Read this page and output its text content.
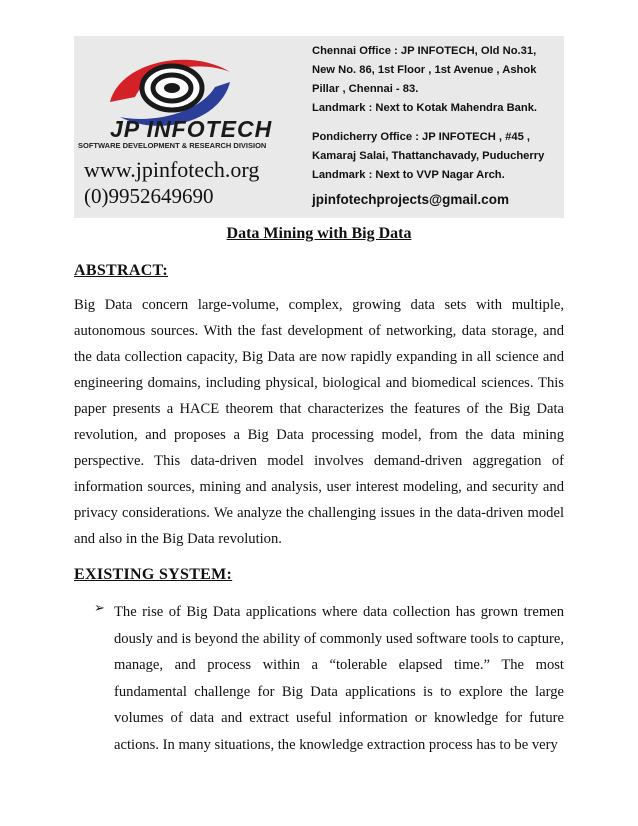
JP INFOTECH
SOFTWARE DEVELOPMENT & RESEARCH DIVISION
www.jpinfotech.org
(0)9952649690
Chennai Office : JP INFOTECH, Old No.31,
New No. 86, 1st Floor , 1st Avenue , Ashok
Pillar , Chennai - 83.
Landmark : Next to Kotak Mahendra Bank.
Pondicherry Office : JP INFOTECH , #45 ,
Kamaraj Salai, Thattanchavady, Puducherry
Landmark : Next to VVP Nagar Arch.
jpinfotechprojects@gmail.com
Data Mining with Big Data
ABSTRACT:

Big Data concern large-volume, complex, growing data sets with multiple, autonomous sources. With the fast development of networking, data storage, and the data collection capacity, Big Data are now rapidly expanding in all science and engineering domains, including physical, biological and biomedical sciences. This paper presents a HACE theorem that characterizes the features of the Big Data revolution, and proposes a Big Data processing model, from the data mining perspective. This data-driven model involves demand-driven aggregation of information sources, mining and analysis, user interest modeling, and security and privacy considerations. We analyze the challenging issues in the data-driven model and also in the Big Data revolution.

EXISTING SYSTEM:
➢ The rise of Big Data applications where data collection has grown tremen dously and is beyond the ability of commonly used software tools to capture, manage, and process within a “tolerable elapsed time.” The most fundamental challenge for Big Data applications is to explore the large volumes of data and extract useful information or knowledge for future actions. In many situations, the knowledge extraction process has to be very
